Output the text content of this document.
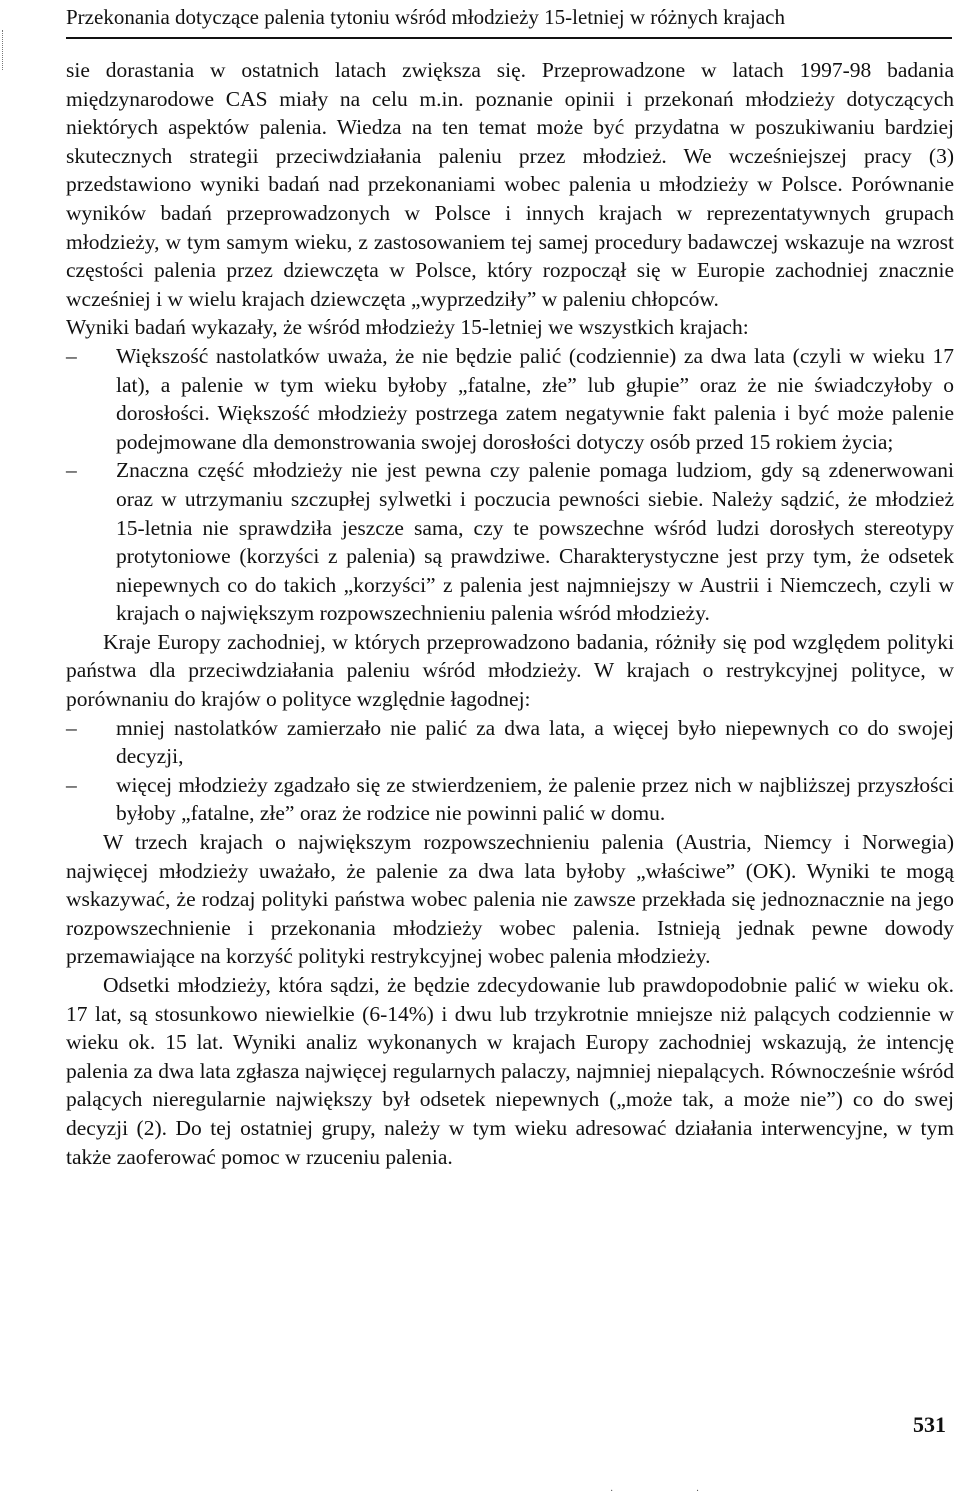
Przekonania dotyczące palenia tytoniu wśród młodzieży 15-letniej w różnych krajach

sie dorastania w ostatnich latach zwiększa się. Przeprowadzone w latach 1997-98 badania międzynarodowe CAS miały na celu m.in. poznanie opinii i przekonań młodzieży dotyczących niektórych aspektów palenia. Wiedza na ten temat może być przydatna w poszukiwaniu bardziej skutecznych strategii przeciwdziałania paleniu przez młodzież. We wcześniejszej pracy (3) przedstawiono wyniki badań nad przekonaniami wobec palenia u młodzieży w Polsce. Porównanie wyników badań przeprowadzonych w Polsce i innych krajach w reprezentatywnych grupach młodzieży, w tym samym wieku, z zastosowaniem tej samej procedury badawczej wskazuje na wzrost częstości palenia przez dziewczęta w Polsce, który rozpoczął się w Europie zachodniej znacznie wcześniej i w wielu krajach dziewczęta „wyprzedziły” w paleniu chłopców.

Wyniki badań wykazały, że wśród młodzieży 15-letniej we wszystkich krajach:

– Większość nastolatków uważa, że nie będzie palić (codziennie) za dwa lata (czyli w wieku 17 lat), a palenie w tym wieku byłoby „fatalne, złe” lub głupie” oraz że nie świadczyłoby o dorosłości. Większość młodzieży postrzega zatem negatywnie fakt palenia i być może palenie podejmowane dla demonstrowania swojej dorosłości dotyczy osób przed 15 rokiem życia;
– Znaczna część młodzieży nie jest pewna czy palenie pomaga ludziom, gdy są zdenerwowani oraz w utrzymaniu szczupłej sylwetki i poczucia pewności siebie. Należy sądzić, że młodzież 15-letnia nie sprawdziła jeszcze sama, czy te powszechne wśród ludzi dorosłych stereotypy protytoniowe (korzyści z palenia) są prawdziwe. Charakterystyczne jest przy tym, że odsetek niepewnych co do takich „korzyści” z palenia jest najmniejszy w Austrii i Niemczech, czyli w krajach o największym rozpowszechnieniu palenia wśród młodzieży.

Kraje Europy zachodniej, w których przeprowadzono badania, różniły się pod względem polityki państwa dla przeciwdziałania paleniu wśród młodzieży. W krajach o restrykcyjnej polityce, w porównaniu do krajów o polityce względnie łagodnej:

– mniej nastolatków zamierzało nie palić za dwa lata, a więcej było niepewnych co do swojej decyzji,
– więcej młodzieży zgadzało się ze stwierdzeniem, że palenie przez nich w najbliższej przyszłości byłoby „fatalne, złe” oraz że rodzice nie powinni palić w domu.

W trzech krajach o największym rozpowszechnieniu palenia (Austria, Niemcy i Norwegia) najwięcej młodzieży uważało, że palenie za dwa lata byłoby „właściwe” (OK). Wyniki te mogą wskazywać, że rodzaj polityki państwa wobec palenia nie zawsze przekłada się jednoznacznie na jego rozpowszechnienie i przekonania młodzieży wobec palenia. Istnieją jednak pewne dowody przemawiające na korzyść polityki restrykcyjnej wobec palenia młodzieży.

Odsetki młodzieży, która sądzi, że będzie zdecydowanie lub prawdopodobnie palić w wieku ok. 17 lat, są stosunkowo niewielkie (6-14%) i dwu lub trzykrotnie mniejsze niż palących codziennie w wieku ok. 15 lat. Wyniki analiz wykonanych w krajach Europy zachodniej wskazują, że intencję palenia za dwa lata zgłasza najwięcej regularnych palaczy, najmniej niepalących. Równocześnie wśród palących nieregularnie największy był odsetek niepewnych („może tak, a może nie”) co do swej decyzji (2). Do tej ostatniej grupy, należy w tym wieku adresować działania interwencyjne, w tym także zaoferować pomoc w rzuceniu palenia.

531
· ·
